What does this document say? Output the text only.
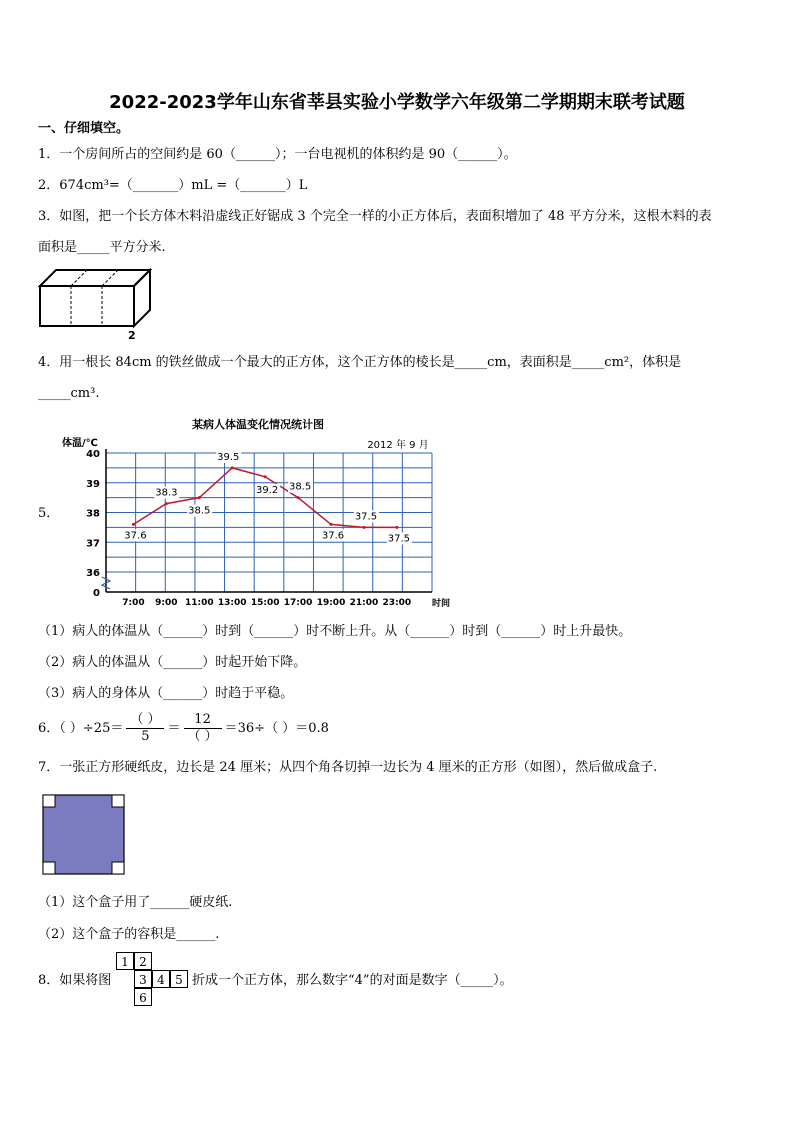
2022-2023学年山东省莘县实验小学数学六年级第二学期期末联考试题
一、仔细填空。
1．一个房间所占的空间约是 60（______）；一台电视机的体积约是 90（______）。
2．674cm³=（_______）mL =（_______）L
3．如图，把一个长方体木料沿虚线正好锯成 3 个完全一样的小正方体后，表面积增加了 48 平方分米，这根木料的表
面积是_____平方分米.
2
4．用一根长 84cm 的铁丝做成一个最大的正方体，这个正方体的棱长是_____cm，表面积是_____cm²，体积是
_____cm³.
5．
某病人体温变化情况统计图
2012 年 9 月
体温/℃
时间
0
36
37
38
39
40
7:00 9:00 11:00 13:00 15:00 17:00 19:00 21:00 23:00
37.6
38.3
38.5
39.5
39.2 38.5
37.6
37.5
37.5
（1）病人的体温从（______）时到（______）时不断上升。从（______）时到（______）时上升最快。
（2）病人的体温从（______）时起开始下降。
（3）病人的身体从（______）时趋于平稳。
6．（ ）$\div 25= \frac{( )}{5} = \frac{12}{( )} =36\div$（ ）＝0.8
7．一张正方形硬纸皮，边长是 24 厘米；从四个角各切掉一边长为 4 厘米的正方形（如图），然后做成盒子.
（1）这个盒子用了______硬皮纸.
（2）这个盒子的容积是______.
8．如果将图
1 2
3 4 5
6
折成一个正方体，那么数字“4”的对面是数字（_____）。
